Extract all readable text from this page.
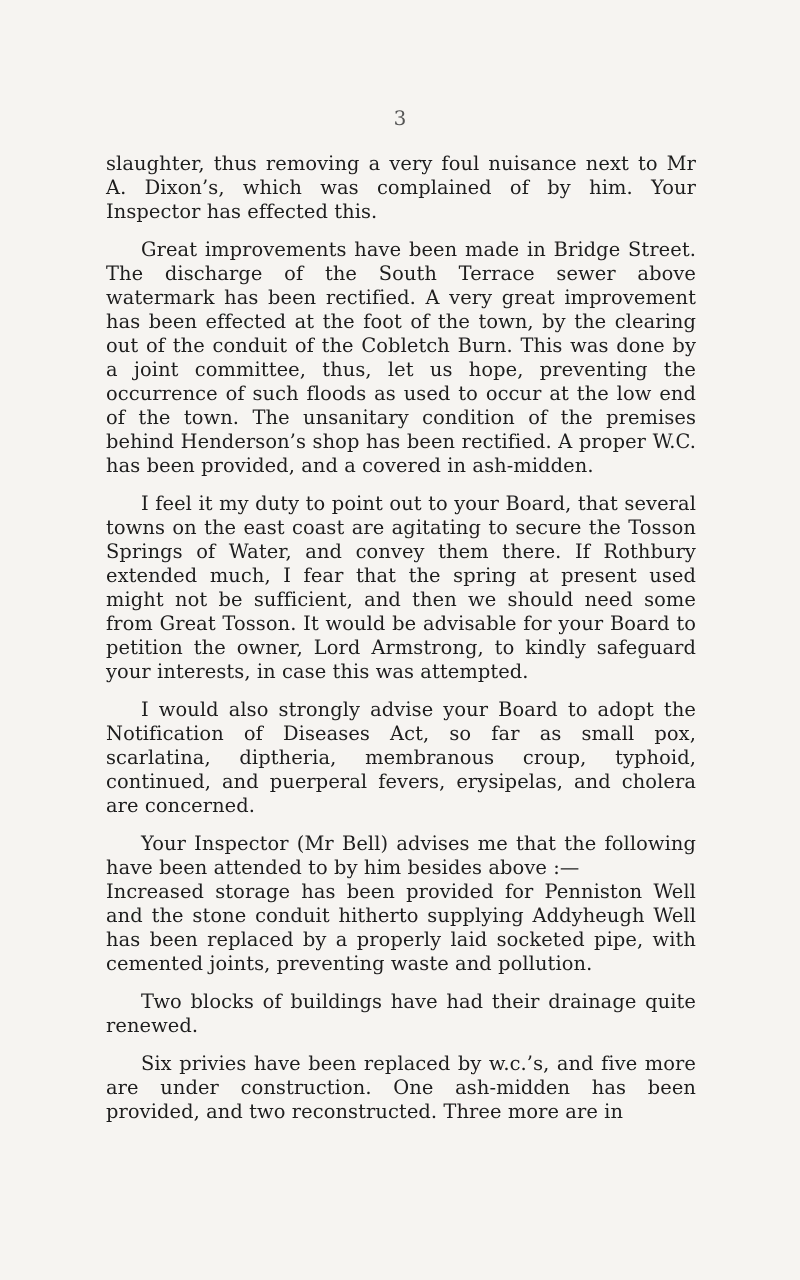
3

slaughter, thus removing a very foul nuisance next to Mr A. Dixon’s, which was complained of by him. Your Inspector has effected this.

Great improvements have been made in Bridge Street. The discharge of the South Terrace sewer above watermark has been rectified. A very great improvement has been effected at the foot of the town, by the clearing out of the conduit of the Cobletch Burn. This was done by a joint committee, thus, let us hope, preventing the occurrence of such floods as used to occur at the low end of the town. The unsanitary condition of the premises behind Henderson’s shop has been rectified. A proper W.C. has been provided, and a covered in ash-midden.

I feel it my duty to point out to your Board, that several towns on the east coast are agitating to secure the Tosson Springs of Water, and convey them there. If Rothbury extended much, I fear that the spring at present used might not be sufficient, and then we should need some from Great Tosson. It would be advisable for your Board to petition the owner, Lord Armstrong, to kindly safeguard your interests, in case this was attempted.

I would also strongly advise your Board to adopt the Notification of Diseases Act, so far as small pox, scarlatina, diptheria, membranous croup, typhoid, continued, and puerperal fevers, erysipelas, and cholera are concerned.

Your Inspector (Mr Bell) advises me that the following have been attended to by him besides above :—

Increased storage has been provided for Penniston Well and the stone conduit hitherto supplying Addyheugh Well has been replaced by a properly laid socketed pipe, with cemented joints, preventing waste and pollution.

Two blocks of buildings have had their drainage quite renewed.

Six privies have been replaced by w.c.’s, and five more are under construction. One ash-midden has been provided, and two reconstructed. Three more are in
